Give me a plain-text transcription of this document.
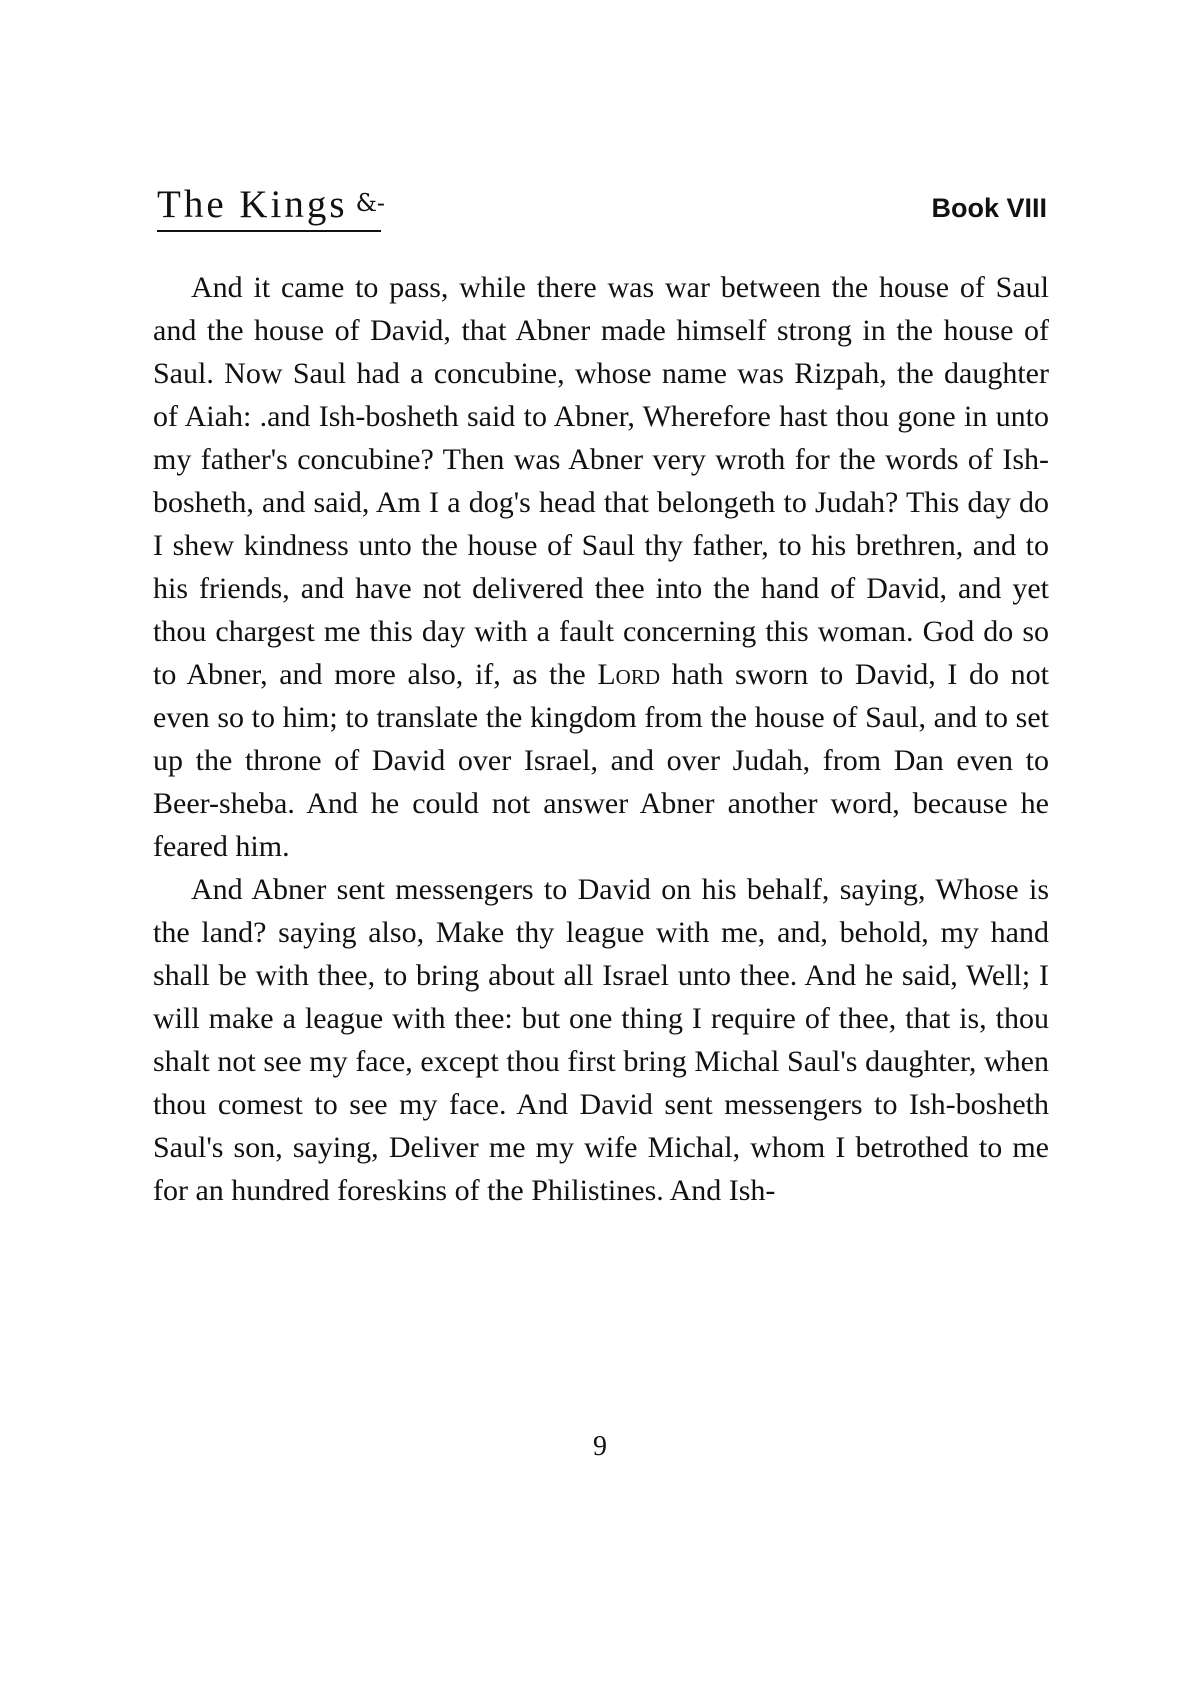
The Kings &-	Book VIII

And it came to pass, while there was war between the house of Saul and the house of David, that Abner made himself strong in the house of Saul. Now Saul had a concubine, whose name was Rizpah, the daughter of Aiah: .and Ish-bosheth said to Abner, Wherefore hast thou gone in unto my father's concubine? Then was Abner very wroth for the words of Ish-bosheth, and said, Am I a dog's head that belongeth to Judah? This day do I shew kindness unto the house of Saul thy father, to his brethren, and to his friends, and have not delivered thee into the hand of David, and yet thou chargest me this day with a fault concerning this woman. God do so to Abner, and more also, if, as the Lord hath sworn to David, I do not even so to him; to translate the kingdom from the house of Saul, and to set up the throne of David over Israel, and over Judah, from Dan even to Beer-sheba. And he could not answer Abner another word, because he feared him.

And Abner sent messengers to David on his behalf, saying, Whose is the land? saying also, Make thy league with me, and, behold, my hand shall be with thee, to bring about all Israel unto thee. And he said, Well; I will make a league with thee: but one thing I require of thee, that is, thou shalt not see my face, except thou first bring Michal Saul's daughter, when thou comest to see my face. And David sent messengers to Ish-bosheth Saul's son, saying, Deliver me my wife Michal, whom I betrothed to me for an hundred foreskins of the Philistines. And Ish-

9
